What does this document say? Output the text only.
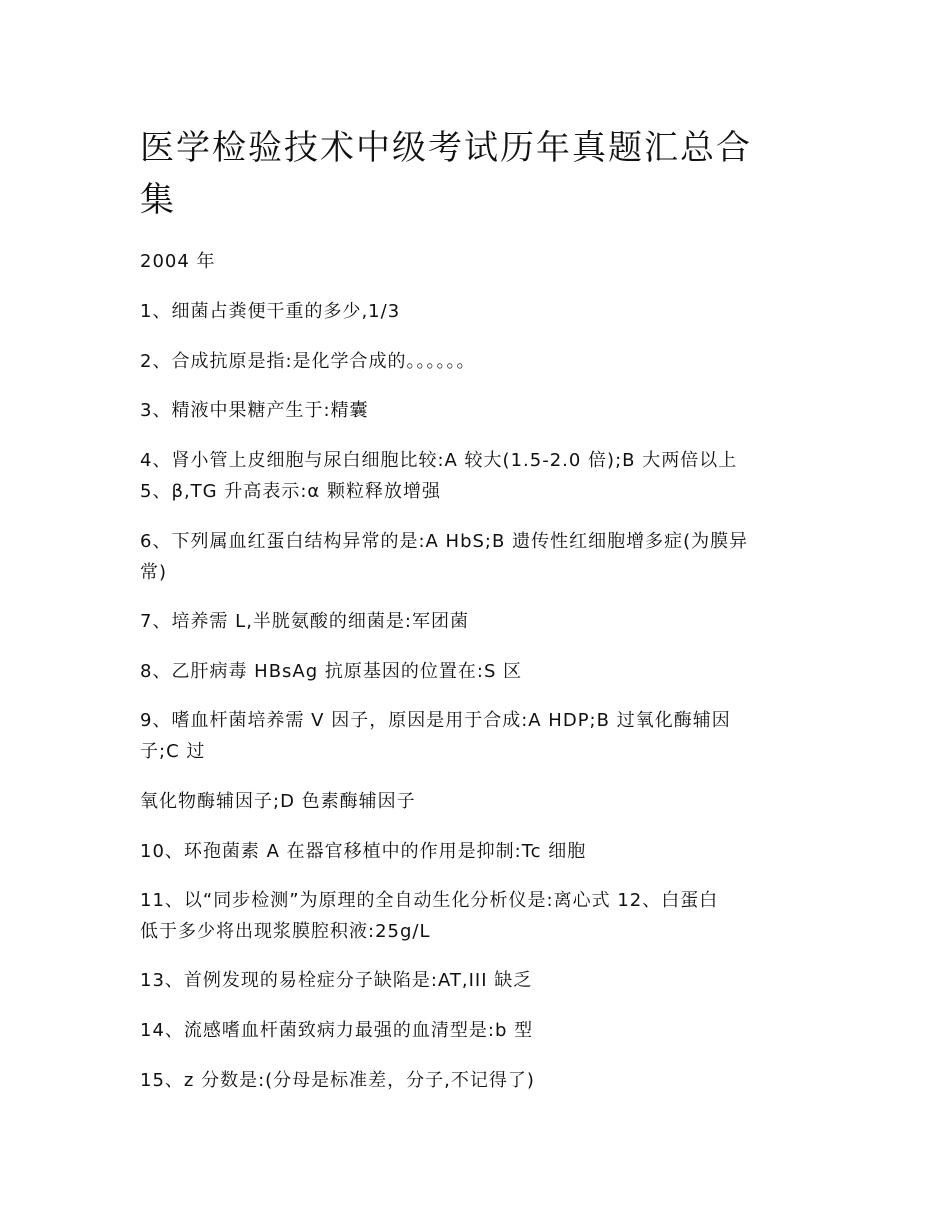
医学检验技术中级考试历年真题汇总合
集

2004 年

1、细菌占粪便干重的多少,1/3

2、合成抗原是指:是化学合成的。。。。。。

3、精液中果糖产生于:精囊

4、肾小管上皮细胞与尿白细胞比较:A 较大(1.5-2.0 倍);B 大两倍以上

5、β,TG 升高表示:α 颗粒释放增强

6、下列属血红蛋白结构异常的是:A HbS;B 遗传性红细胞增多症(为膜异

常)

7、培养需 L,半胱氨酸的细菌是:军团菌

8、乙肝病毒 HBsAg 抗原基因的位置在:S 区

9、嗜血杆菌培养需 V 因子，原因是用于合成:A HDP;B 过氧化酶辅因

子;C 过

氧化物酶辅因子;D 色素酶辅因子

10、环孢菌素 A 在器官移植中的作用是抑制:Tc 细胞

11、以“同步检测”为原理的全自动生化分析仪是:离心式 12、白蛋白

低于多少将出现浆膜腔积液:25g/L

13、首例发现的易栓症分子缺陷是:AT,III 缺乏

14、流感嗜血杆菌致病力最强的血清型是:b 型

15、z 分数是:(分母是标准差，分子,不记得了)
